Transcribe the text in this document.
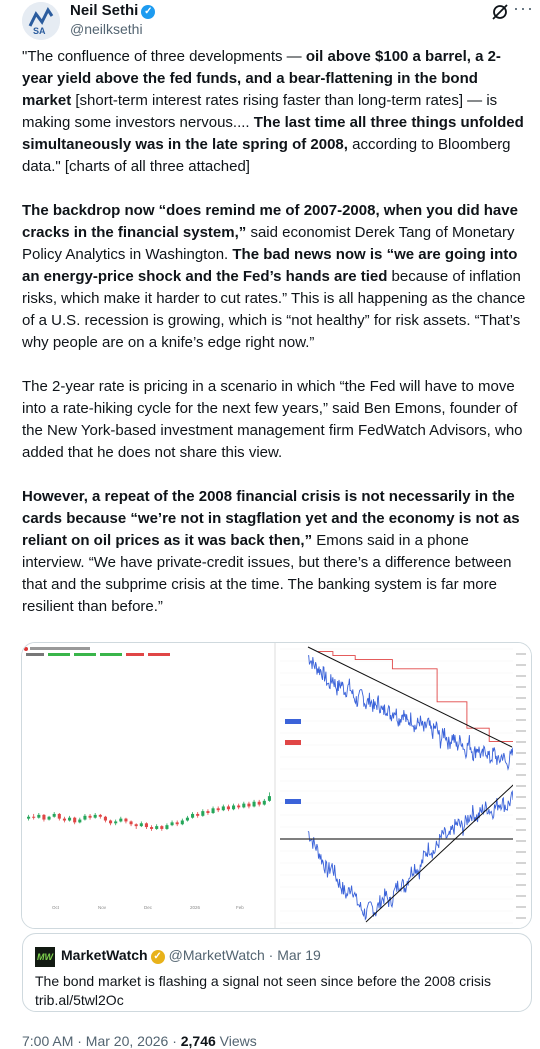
SA
Neil Sethi ✓
@neilksethi
···

"The confluence of three developments — oil above $100 a barrel, a 2-year yield above the fed funds, and a bear-flattening in the bond market [short-term interest rates rising faster than long-term rates] — is making some investors nervous.... The last time all three things unfolded simultaneously was in the late spring of 2008, according to Bloomberg data." [charts of all three attached]

The backdrop now “does remind me of 2007-2008, when you did have cracks in the financial system,” said economist Derek Tang of Monetary Policy Analytics in Washington. The bad news now is “we are going into an energy-price shock and the Fed’s hands are tied because of inflation risks, which make it harder to cut rates.” This is all happening as the chance of a U.S. recession is growing, which is “not healthy” for risk assets. “That’s why people are on a knife’s edge right now.”

The 2-year rate is pricing in a scenario in which “the Fed will have to move into a rate-hiking cycle for the next few years,” said Ben Emons, founder of the New York-based investment management firm FedWatch Advisors, who added that he does not share this view.

However, a repeat of the 2008 financial crisis is not necessarily in the cards because “we’re not in stagflation yet and the economy is not as reliant on oil prices as it was back then,” Emons said in a phone interview. “We have private-credit issues, but there’s a difference between that and the subprime crisis at the time. The banking system is far more resilient than before.”

Oct	Nov	Dec	2026	Feb
MW MarketWatch ✓ @MarketWatch · Mar 19
The bond market is flashing a signal not seen since before the 2008 crisis
trib.al/5twl2Oc
7:00 AM · Mar 20, 2026 · 2,746 Views
